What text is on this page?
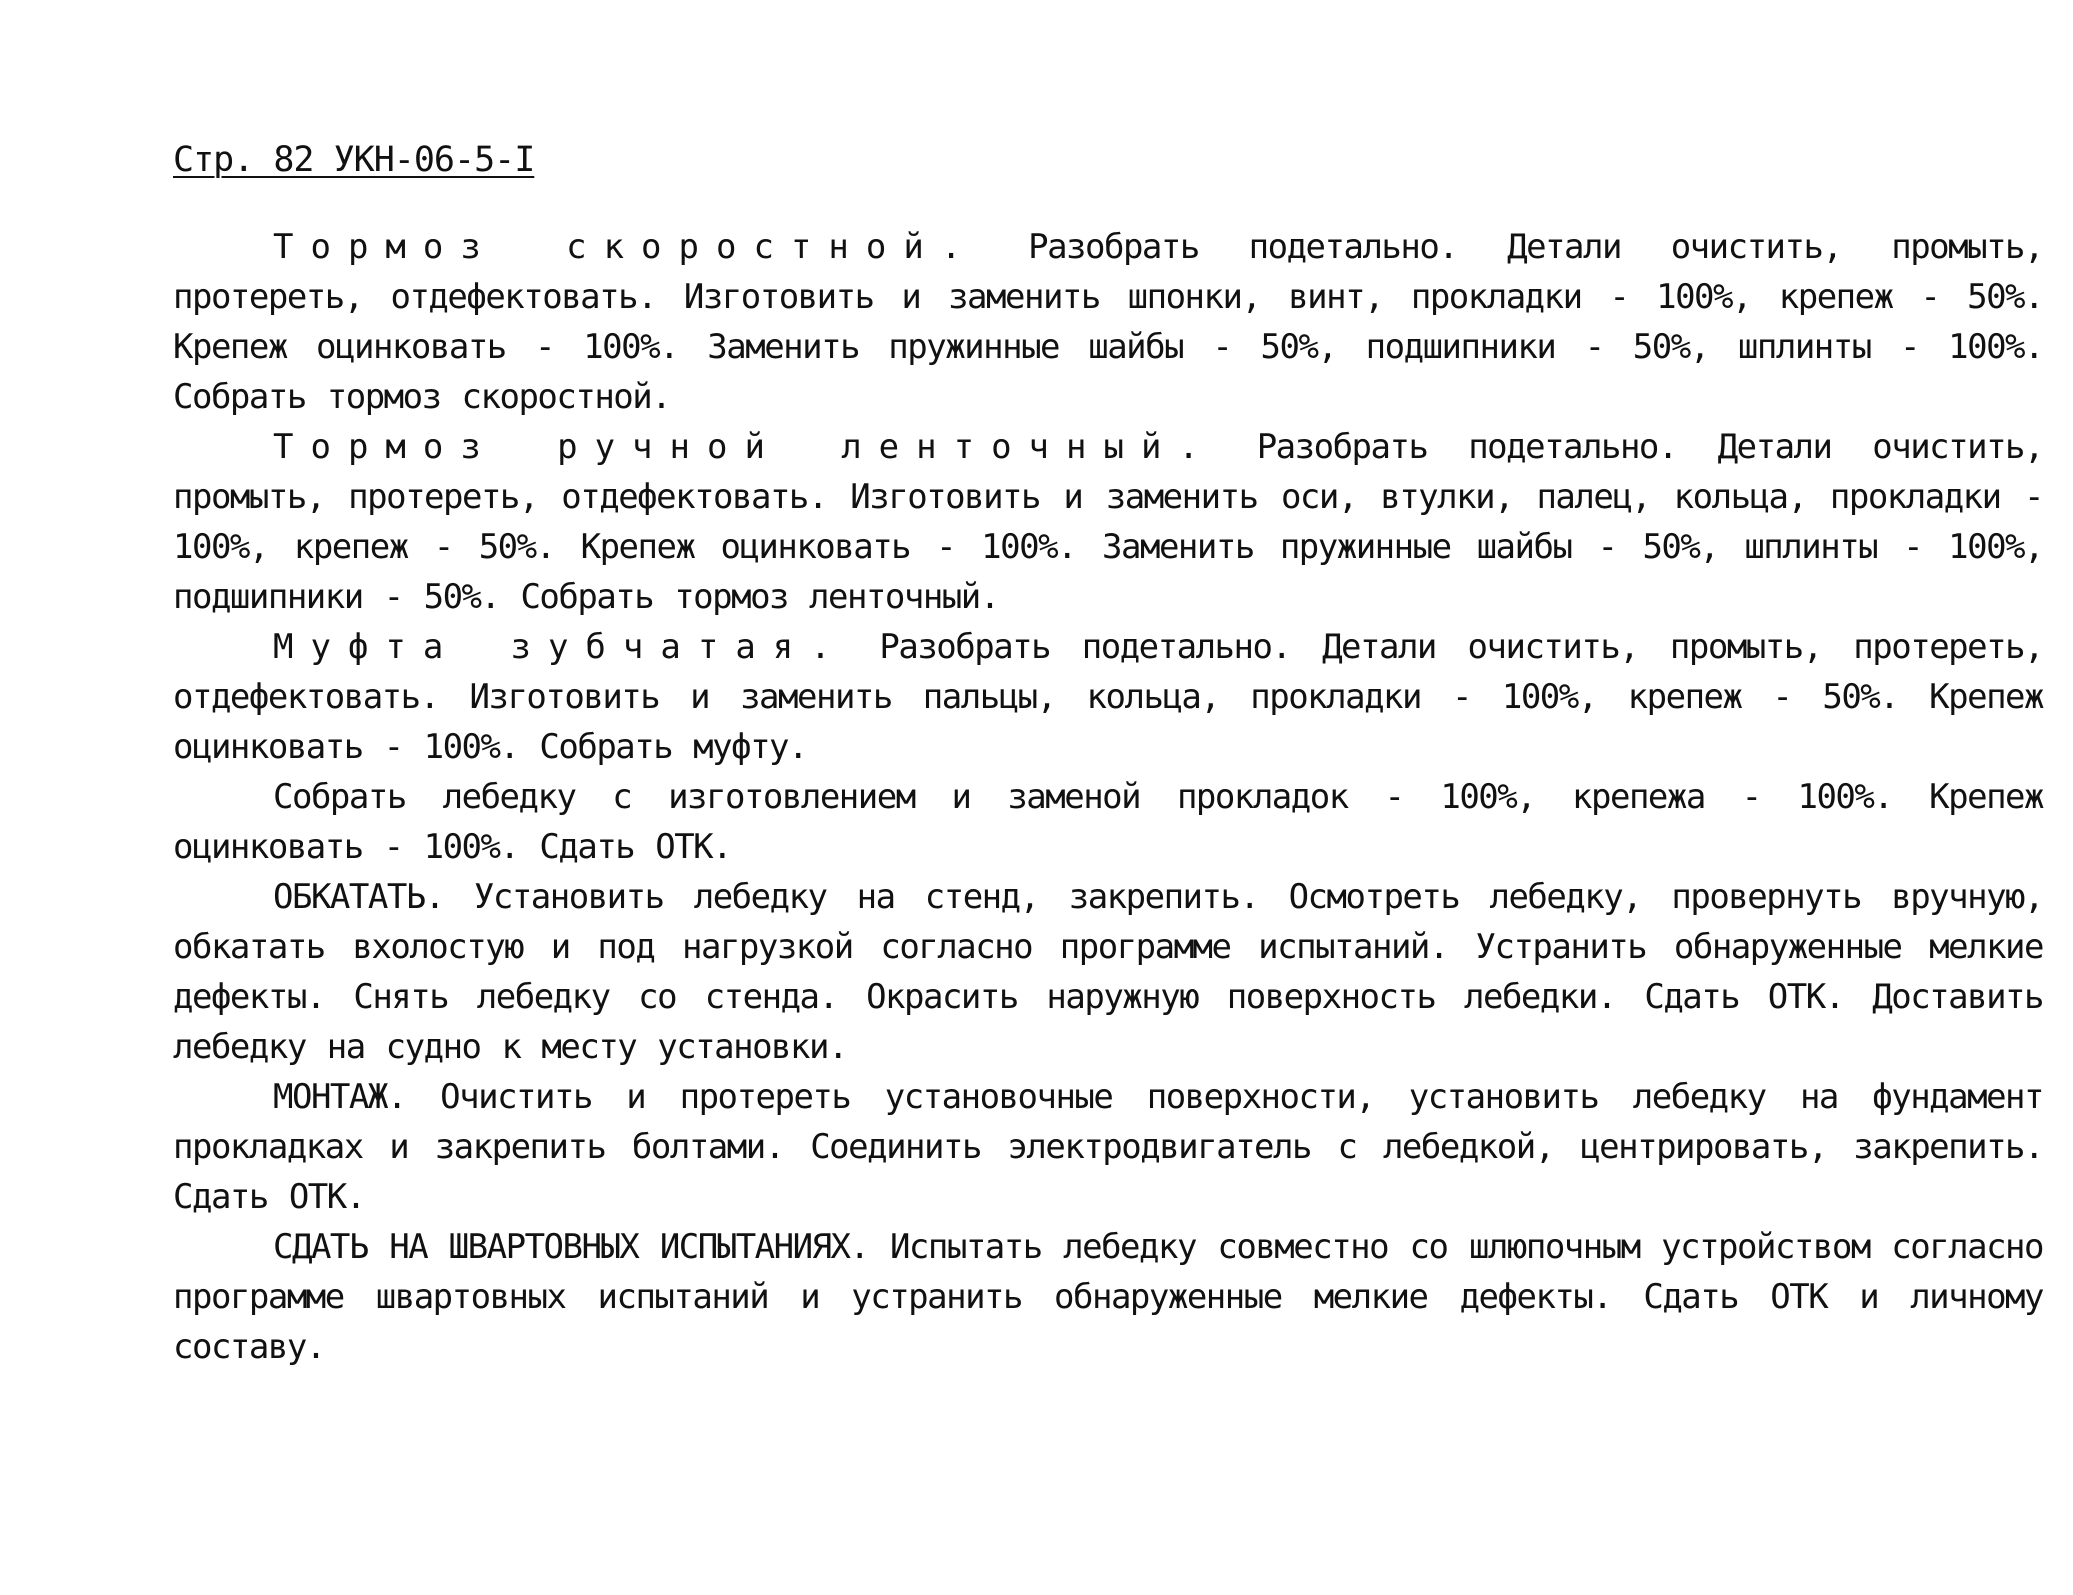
Стр. 82 УКН-06-5-I

Тормоз скоростной. Разобрать подетально. Детали очистить, промыть, протереть, отдефектовать. Изготовить и заменить шпонки, винт, прокладки - 100%, крепеж - 50%. Крепеж оцинковать - 100%. Заменить пружинные шайбы - 50%, подшипники - 50%, шплинты - 100%. Собрать тормоз скоростной.

Тормоз ручной ленточный. Разобрать подетально. Детали очистить, промыть, протереть, отдефектовать. Изготовить и заменить оси, втулки, палец, кольца, прокладки - 100%, крепеж - 50%. Крепеж оцинковать - 100%. Заменить пружинные шайбы - 50%, шплинты - 100%, подшипники - 50%. Собрать тормоз ленточный.

Муфта зубчатая. Разобрать подетально. Детали очистить, промыть, протереть, отдефектовать. Изготовить и заменить пальцы, кольца, прокладки - 100%, крепеж - 50%. Крепеж оцинковать - 100%. Собрать муфту.

Собрать лебедку с изготовлением и заменой прокладок - 100%, крепежа - 100%. Крепеж оцинковать - 100%. Сдать ОТК.

ОБКАТАТЬ. Установить лебедку на стенд, закрепить. Осмотреть лебедку, провернуть вручную, обкатать вхолостую и под нагрузкой согласно программе испытаний. Устранить обнаруженные мелкие дефекты. Снять лебедку со стенда. Окрасить наружную поверхность лебедки. Сдать ОТК. Доставить лебедку на судно к месту установки.

МОНТАЖ. Очистить и протереть установочные поверхности, установить лебедку на фундамент прокладках и закрепить болтами. Соединить электродвигатель с лебедкой, центрировать, закрепить. Сдать ОТК.

СДАТЬ НА ШВАРТОВНЫХ ИСПЫТАНИЯХ. Испытать лебедку совместно со шлюпочным устройством согласно программе швартовных испытаний и устранить обнаруженные мелкие дефекты. Сдать ОТК и личному составу.
